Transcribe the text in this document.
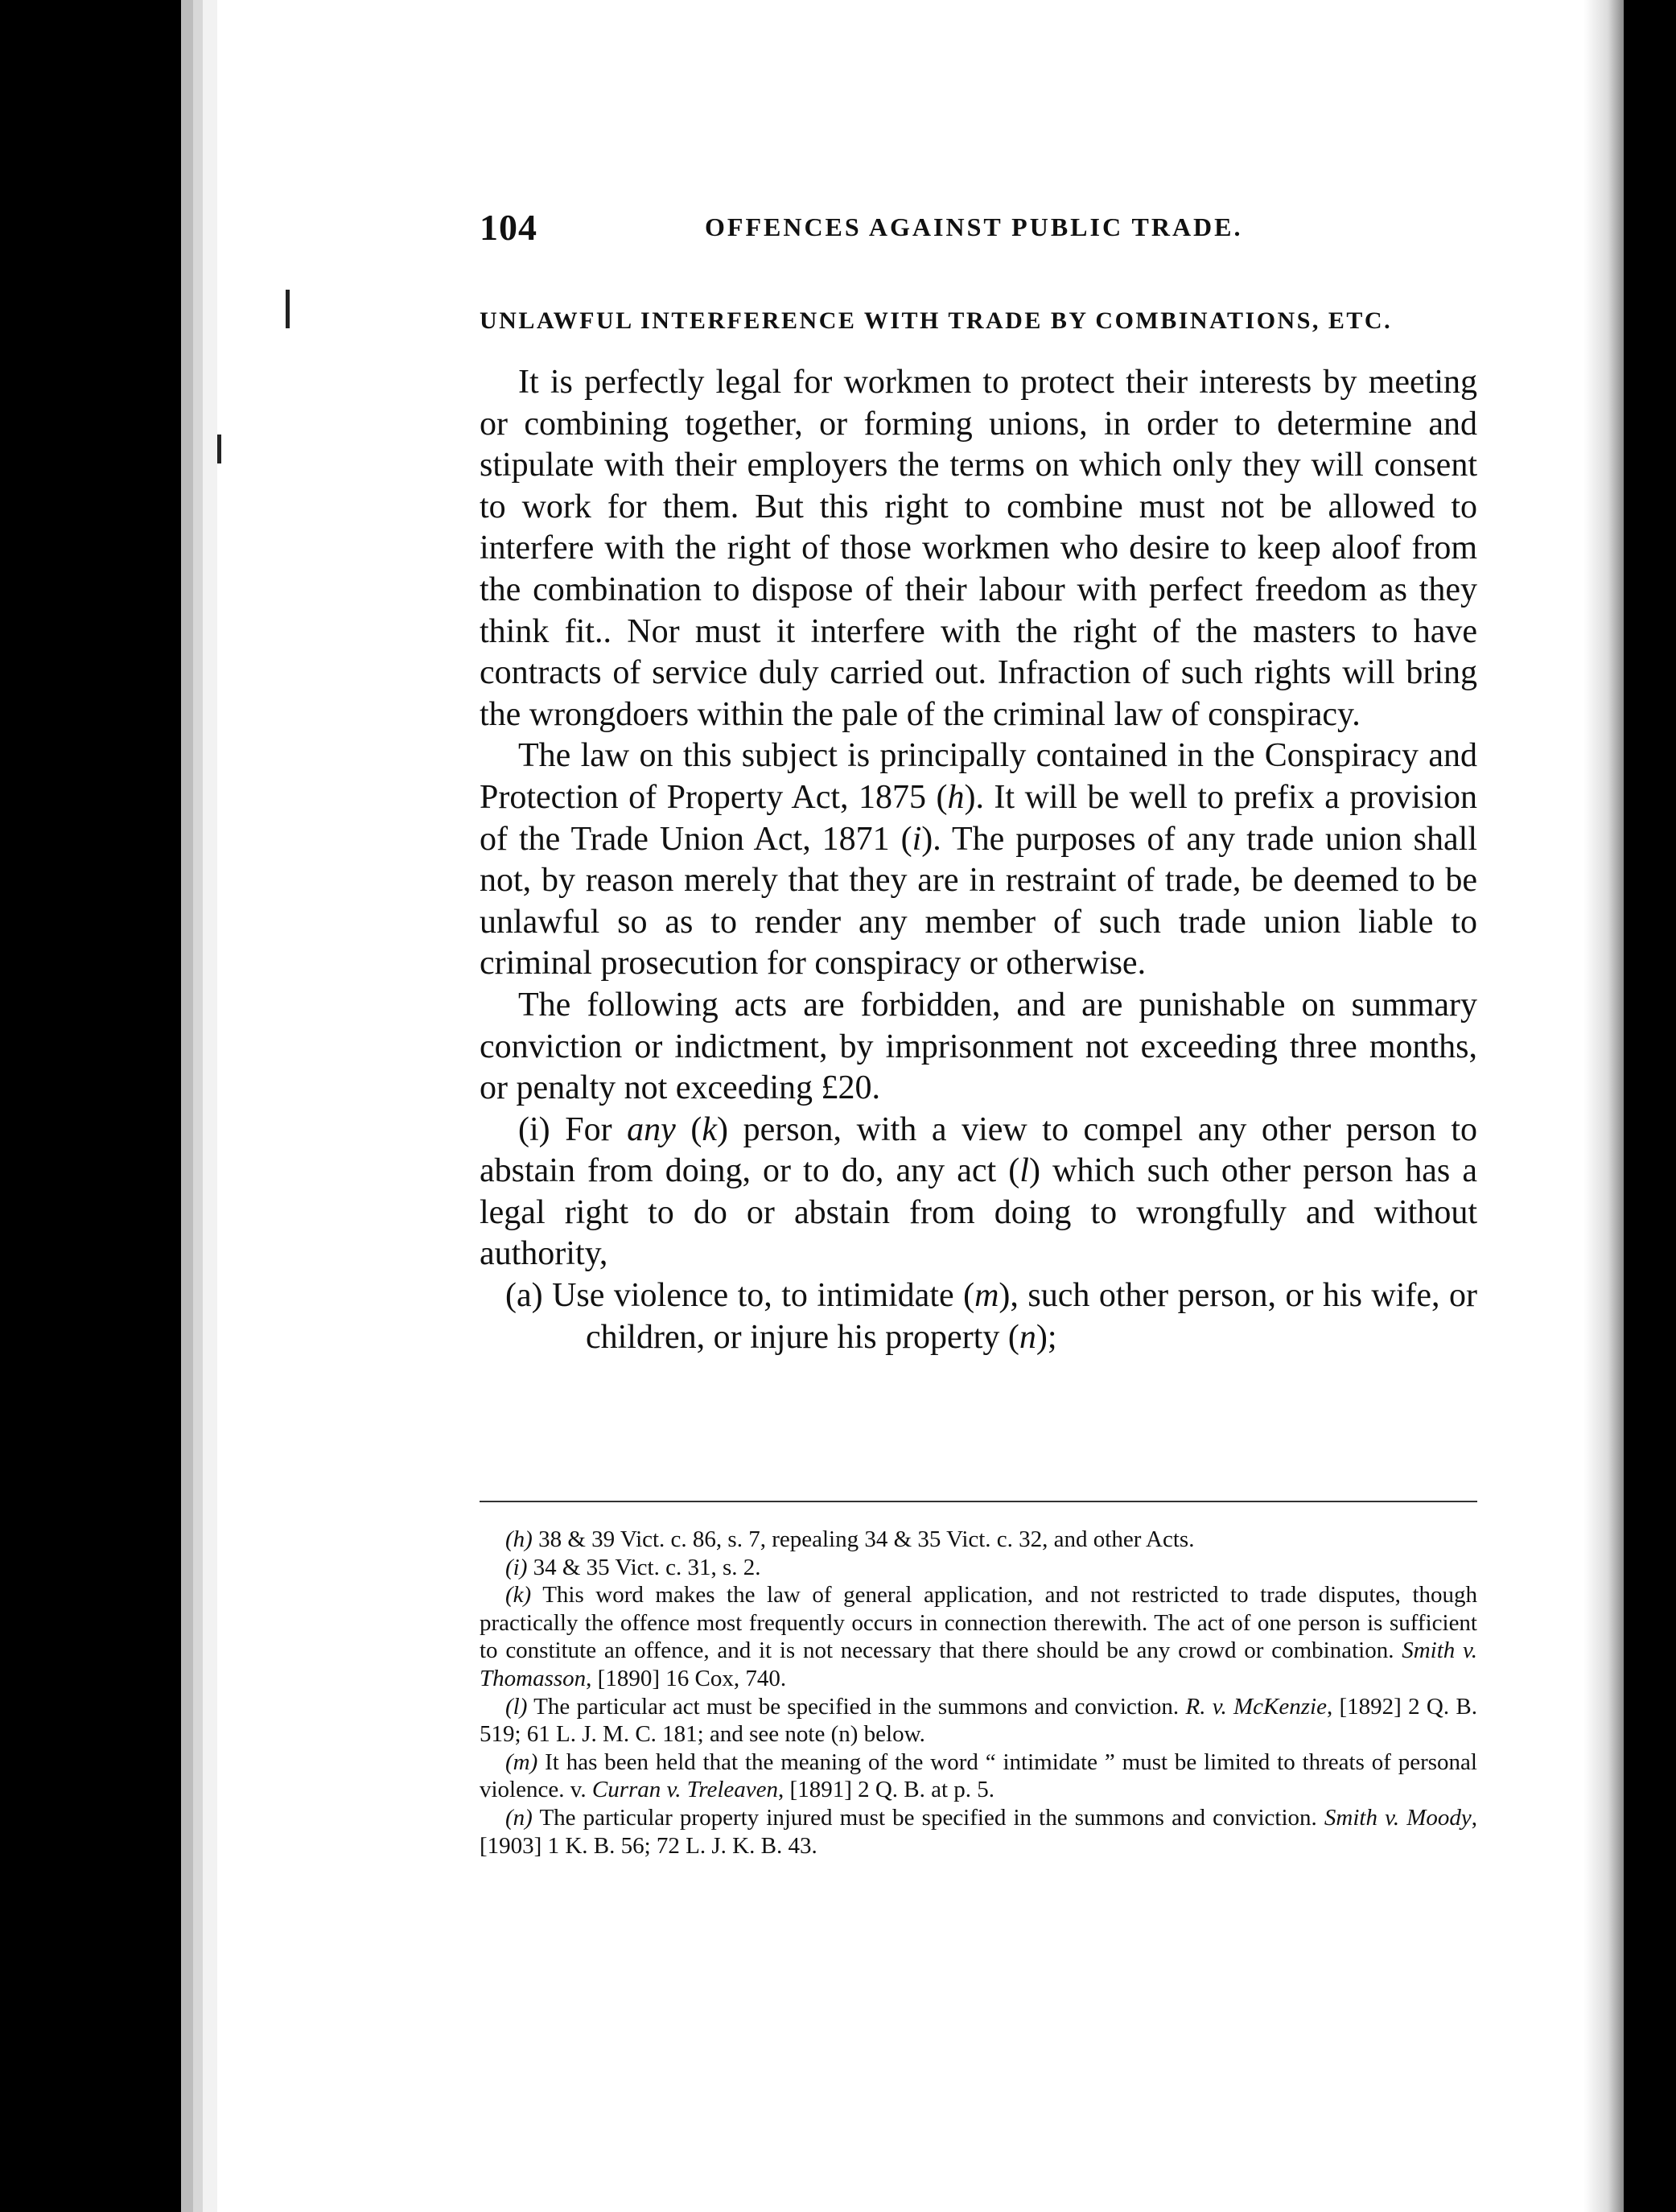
104	OFFENCES AGAINST PUBLIC TRADE.
UNLAWFUL INTERFERENCE WITH TRADE BY COMBINATIONS, ETC.

It is perfectly legal for workmen to protect their interests by meeting or combining together, or forming unions, in order to determine and stipulate with their employers the terms on which only they will consent to work for them. But this right to combine must not be allowed to interfere with the right of those workmen who desire to keep aloof from the combination to dispose of their labour with perfect freedom as they think fit.. Nor must it interfere with the right of the masters to have contracts of service duly carried out. Infraction of such rights will bring the wrongdoers within the pale of the criminal law of conspiracy.

The law on this subject is principally contained in the Conspiracy and Protection of Property Act, 1875 (h). It will be well to prefix a provision of the Trade Union Act, 1871 (i). The purposes of any trade union shall not, by reason merely that they are in restraint of trade, be deemed to be unlawful so as to render any member of such trade union liable to criminal prosecution for conspiracy or otherwise.

The following acts are forbidden, and are punishable on summary conviction or indictment, by imprisonment not exceeding three months, or penalty not exceeding £20.

(i) For any (k) person, with a view to compel any other person to abstain from doing, or to do, any act (l) which such other person has a legal right to do or abstain from doing to wrongfully and without authority,

(a) Use violence to, to intimidate (m), such other person, or his wife, or children, or injure his property (n);

(h) 38 & 39 Vict. c. 86, s. 7, repealing 34 & 35 Vict. c. 32, and other Acts.

(i) 34 & 35 Vict. c. 31, s. 2.

(k) This word makes the law of general application, and not restricted to trade disputes, though practically the offence most frequently occurs in connection therewith. The act of one person is sufficient to constitute an offence, and it is not necessary that there should be any crowd or combination. Smith v. Thomasson, [1890] 16 Cox, 740.

(l) The particular act must be specified in the summons and conviction. R. v. McKenzie, [1892] 2 Q. B. 519; 61 L. J. M. C. 181; and see note (n) below.

(m) It has been held that the meaning of the word “ intimidate ” must be limited to threats of personal violence. v. Curran v. Treleaven, [1891] 2 Q. B. at p. 5.

(n) The particular property injured must be specified in the summons and conviction. Smith v. Moody, [1903] 1 K. B. 56; 72 L. J. K. B. 43.
